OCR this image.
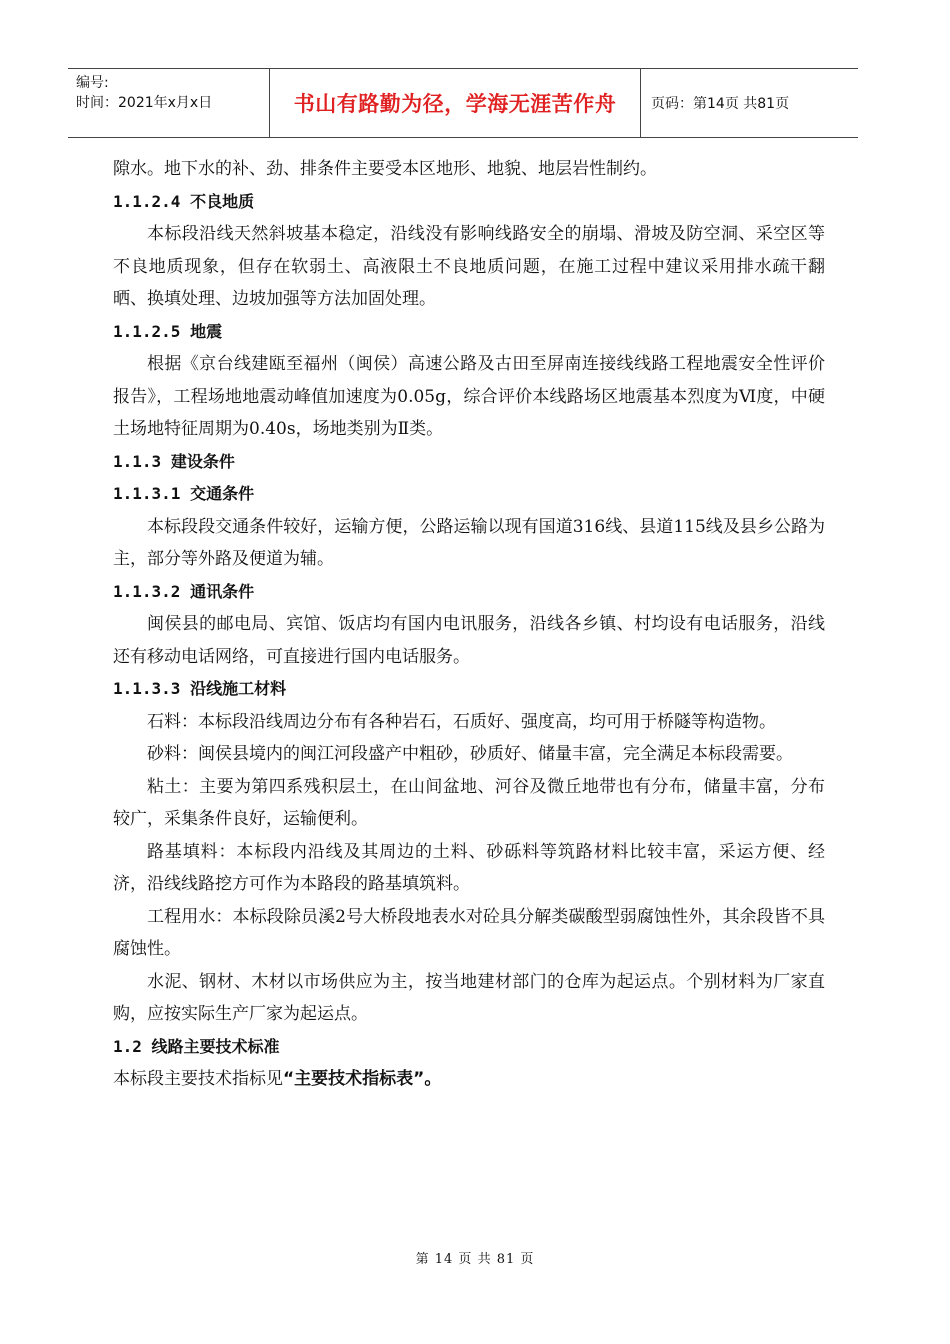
编号:
时间：2021年x月x日	书山有路勤为径，学海无涯苦作舟	页码：第14页 共81页

隙水。地下水的补、劲、排条件主要受本区地形、地貌、地层岩性制约。

1.1.2.4 不良地质

本标段沿线天然斜坡基本稳定，沿线没有影响线路安全的崩塌、滑坡及防空洞、采空区等不良地质现象，但存在软弱土、高液限土不良地质问题，在施工过程中建议采用排水疏干翻晒、换填处理、边坡加强等方法加固处理。

1.1.2.5 地震

根据《京台线建瓯至福州（闽侯）高速公路及古田至屏南连接线线路工程地震安全性评价报告》，工程场地地震动峰值加速度为0.05g，综合评价本线路场区地震基本烈度为Ⅵ度，中硬土场地特征周期为0.40s，场地类别为Ⅱ类。

1.1.3 建设条件

1.1.3.1 交通条件

本标段段交通条件较好，运输方便，公路运输以现有国道316线、县道115线及县乡公路为主，部分等外路及便道为辅。

1.1.3.2 通讯条件

闽侯县的邮电局、宾馆、饭店均有国内电讯服务，沿线各乡镇、村均设有电话服务，沿线还有移动电话网络，可直接进行国内电话服务。

1.1.3.3 沿线施工材料

石料：本标段沿线周边分布有各种岩石，石质好、强度高，均可用于桥隧等构造物。

砂料：闽侯县境内的闽江河段盛产中粗砂，砂质好、储量丰富，完全满足本标段需要。

粘土：主要为第四系残积层土，在山间盆地、河谷及微丘地带也有分布，储量丰富，分布较广，采集条件良好，运输便利。

路基填料：本标段内沿线及其周边的土料、砂砾料等筑路材料比较丰富，采运方便、经济，沿线线路挖方可作为本路段的路基填筑料。

工程用水：本标段除员溪2号大桥段地表水对砼具分解类碳酸型弱腐蚀性外，其余段皆不具腐蚀性。

水泥、钢材、木材以市场供应为主，按当地建材部门的仓库为起运点。个别材料为厂家直购，应按实际生产厂家为起运点。

1.2 线路主要技术标准

本标段主要技术指标见“主要技术指标表”。

第 14 页 共 81 页
